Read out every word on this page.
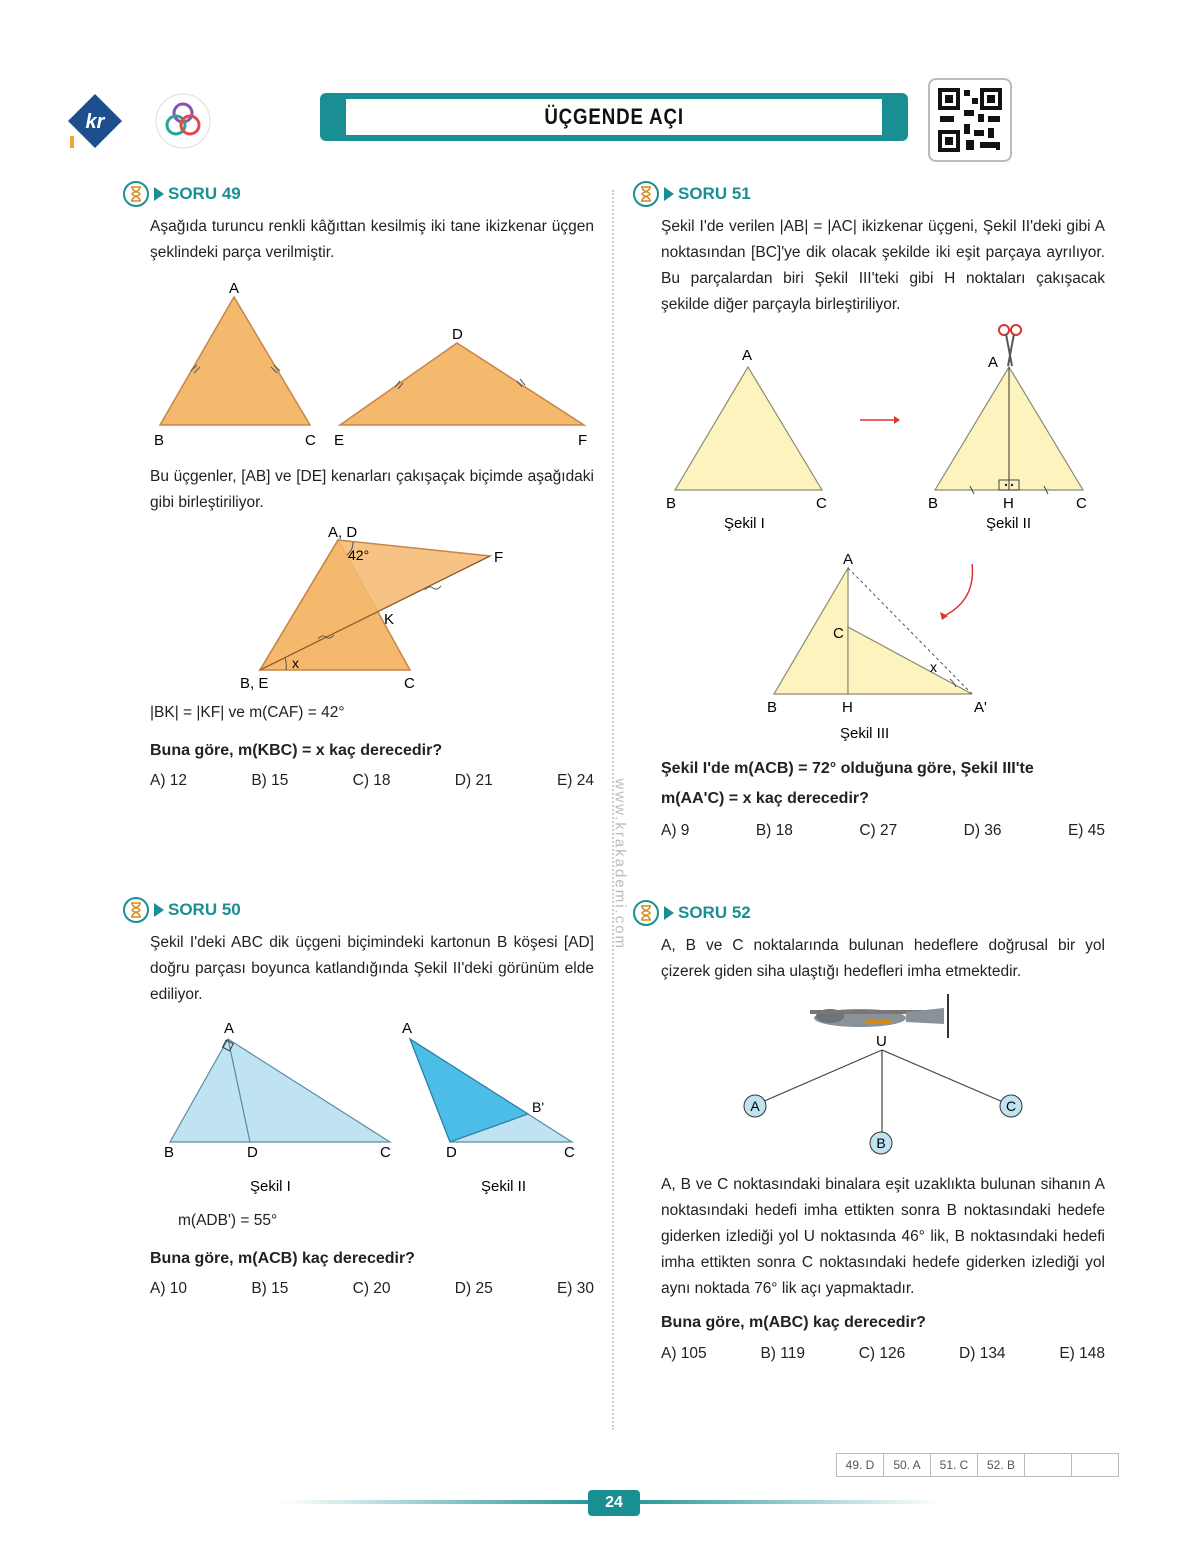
kr	ÜÇGENDE AÇI
www.krakademi.com
SORU 49
Aşağıda turuncu renkli kâğıttan kesilmiş iki tane ikizkenar üçgen şeklindeki parça verilmiştir.
A
B	C
D
E	F
Bu üçgenler, [AB] ve [DE] kenarları çakışaçak biçimde aşağıdaki gibi birleştiriliyor.
A, D
42°	F
K
x
B, E	C
|BK| = |KF| ve m(CAF) = 42°
Buna göre, m(KBC) = x kaç derecedir?
A) 12	B) 15	C) 18	D) 21	E) 24
SORU 50
Şekil I'deki ABC dik üçgeni biçimindeki kartonun B köşesi [AD] doğru parçası boyunca katlandığında Şekil II'deki görünüm elde ediliyor.
A
B	D	C
Şekil I
A
B'
D	C
Şekil II
m(ADB') = 55°
Buna göre, m(ACB) kaç derecedir?
A) 10	B) 15	C) 20	D) 25	E) 30
SORU 51
Şekil I'de verilen |AB| = |AC| ikizkenar üçgeni, Şekil II'deki gibi A noktasından [BC]'ye dik olacak şekilde iki eşit parçaya ayrılıyor. Bu parçalardan biri Şekil III'teki gibi H noktaları çakışacak şekilde diğer parçayla birleştiriliyor.
A
B	C
Şekil I
A
B	H	C
Şekil II
A
C
x
B	H	A'
Şekil III
Şekil I'de m(ACB) = 72° olduğuna göre, Şekil III'te
m(AA'C) = x kaç derecedir?
A) 9	B) 18	C) 27	D) 36	E) 45
SORU 52
A, B ve C noktalarında bulunan hedeflere doğrusal bir yol çizerek giden siha ulaştığı hedefleri imha etmektedir.
U
A
B
C
A, B ve C noktasındaki binalara eşit uzaklıkta bulunan sihanın A noktasındaki hedefi imha ettikten sonra B noktasındaki hedefe giderken izlediği yol U noktasında 46° lik, B noktasındaki hedefi imha ettikten sonra C noktasındaki hedefe giderken izlediği yol aynı noktada 76° lik açı yapmaktadır.
Buna göre, m(ABC) kaç derecedir?
A) 105	B) 119	C) 126	D) 134	E) 148
49. D	50. A	51. C	52. B		
24
